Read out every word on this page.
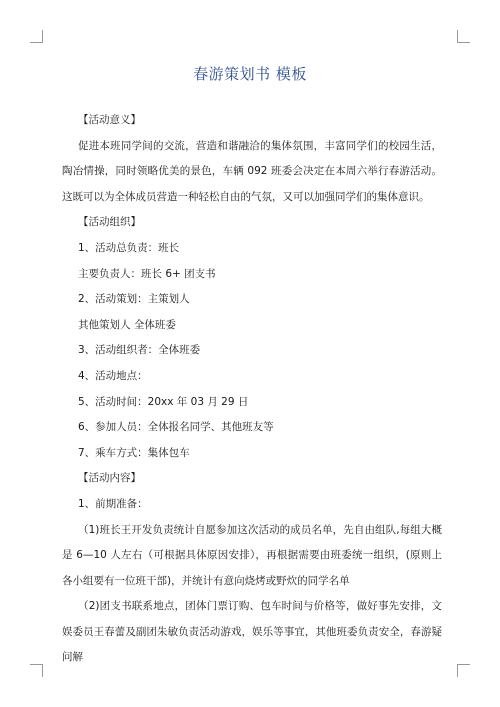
春游策划书 模板

【活动意义】

促进本班同学间的交流，营造和谐融洽的集体氛围，丰富同学们的校园生活，陶冶情操，同时领略优美的景色，车辆 092 班委会决定在本周六举行春游活动。这既可以为全体成员营造一种轻松自由的气氛，又可以加强同学们的集体意识。

【活动组织】

1、活动总负责：班长

主要负责人：班长 6+ 团支书

2、活动策划：主策划人

其他策划人 全体班委

3、活动组织者：全体班委

4、活动地点：

5、活动时间：20xx 年 03 月 29 日

6、参加人员：全体报名同学、其他班友等

7、乘车方式：集体包车

【活动内容】

1、前期准备：

（1)班长王开发负责统计自愿参加这次活动的成员名单，先自由组队,每组大概是 6—10 人左右（可根据具体原因安排），再根据需要由班委统一组织，(原则上各小组要有一位班干部)，并统计有意向烧烤或野炊的同学名单

（2)团支书联系地点，团体门票订购、包车时间与价格等，做好事先安排，文娱委员王春蕾及副团朱敏负责活动游戏，娱乐等事宜，其他班委负责安全，春游疑问解
